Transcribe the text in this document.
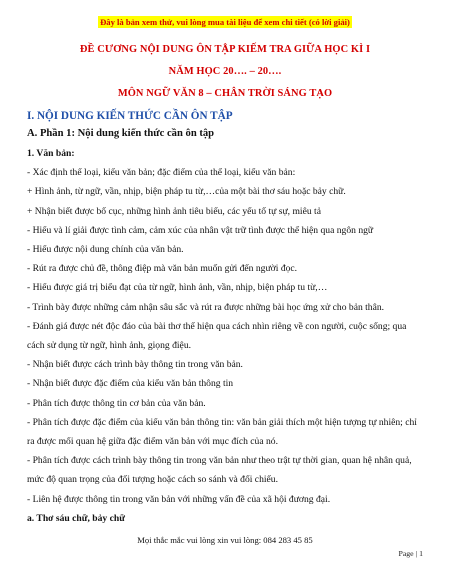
Đây là bản xem thử, vui lòng mua tài liệu để xem chi tiết (có lời giải)
ĐỀ CƯƠNG NỘI DUNG ÔN TẬP KIẾM TRA GIỮA HỌC KÌ I
NĂM HỌC 20…. – 20….
MÔN NGỮ VĂN 8 – CHÂN TRỜI SÁNG TẠO
I. NỘI DUNG KIẾN THỨC CẦN ÔN TẬP
A. Phần 1: Nội dung kiến thức cần ôn tập

1. Văn bản:

- Xác định thể loại, kiểu văn bản; đặc điểm của thể loại, kiểu văn bản:

+ Hình ảnh, từ ngữ, vần, nhịp, biện pháp tu từ,…của một bài thơ sáu hoặc bảy chữ.

+ Nhận biết được bố cục, những hình ảnh tiêu biểu, các yếu tố tự sự, miêu tả

- Hiểu và lí giải được tình cảm, cảm xúc của nhân vật trữ tình được thể hiện qua ngôn ngữ

- Hiểu được nội dung chính của văn bản.

- Rút ra được chủ đề, thông điệp mà văn bản muốn gửi đến người đọc.

- Hiểu được giá trị biểu đạt của từ ngữ, hình ảnh, vần, nhịp, biện pháp tu từ,…

- Trình bày được những cảm nhận sâu sắc và rút ra được những bài học ứng xử cho bản thân.

- Đánh giá được nét độc đáo của bài thơ thể hiện qua cách nhìn riêng về con người, cuộc sống; qua cách sử dụng từ ngữ, hình ảnh, giọng điệu.

- Nhận biết được cách trình bày thông tin trong văn bản.

- Nhận biết được đặc điểm của kiểu văn bản thông tin

- Phân tích được thông tin cơ bản của văn bản.

- Phân tích được đặc điểm của kiểu văn bản thông tin: văn bản giải thích một hiện tượng tự nhiên; chỉ ra được mối quan hệ giữa đặc điểm văn bản với mục đích của nó.

- Phân tích được cách trình bày thông tin trong văn bản như theo trật tự thời gian, quan hệ nhân quả, mức độ quan trọng của đối tượng hoặc cách so sánh và đối chiếu.

- Liên hệ được thông tin trong văn bản với những vấn đề của xã hội đương đại.

a. Thơ sáu chữ, bảy chữ

Mọi thắc mắc vui lòng xin vui lòng: 084 283 45 85
Page | 1
